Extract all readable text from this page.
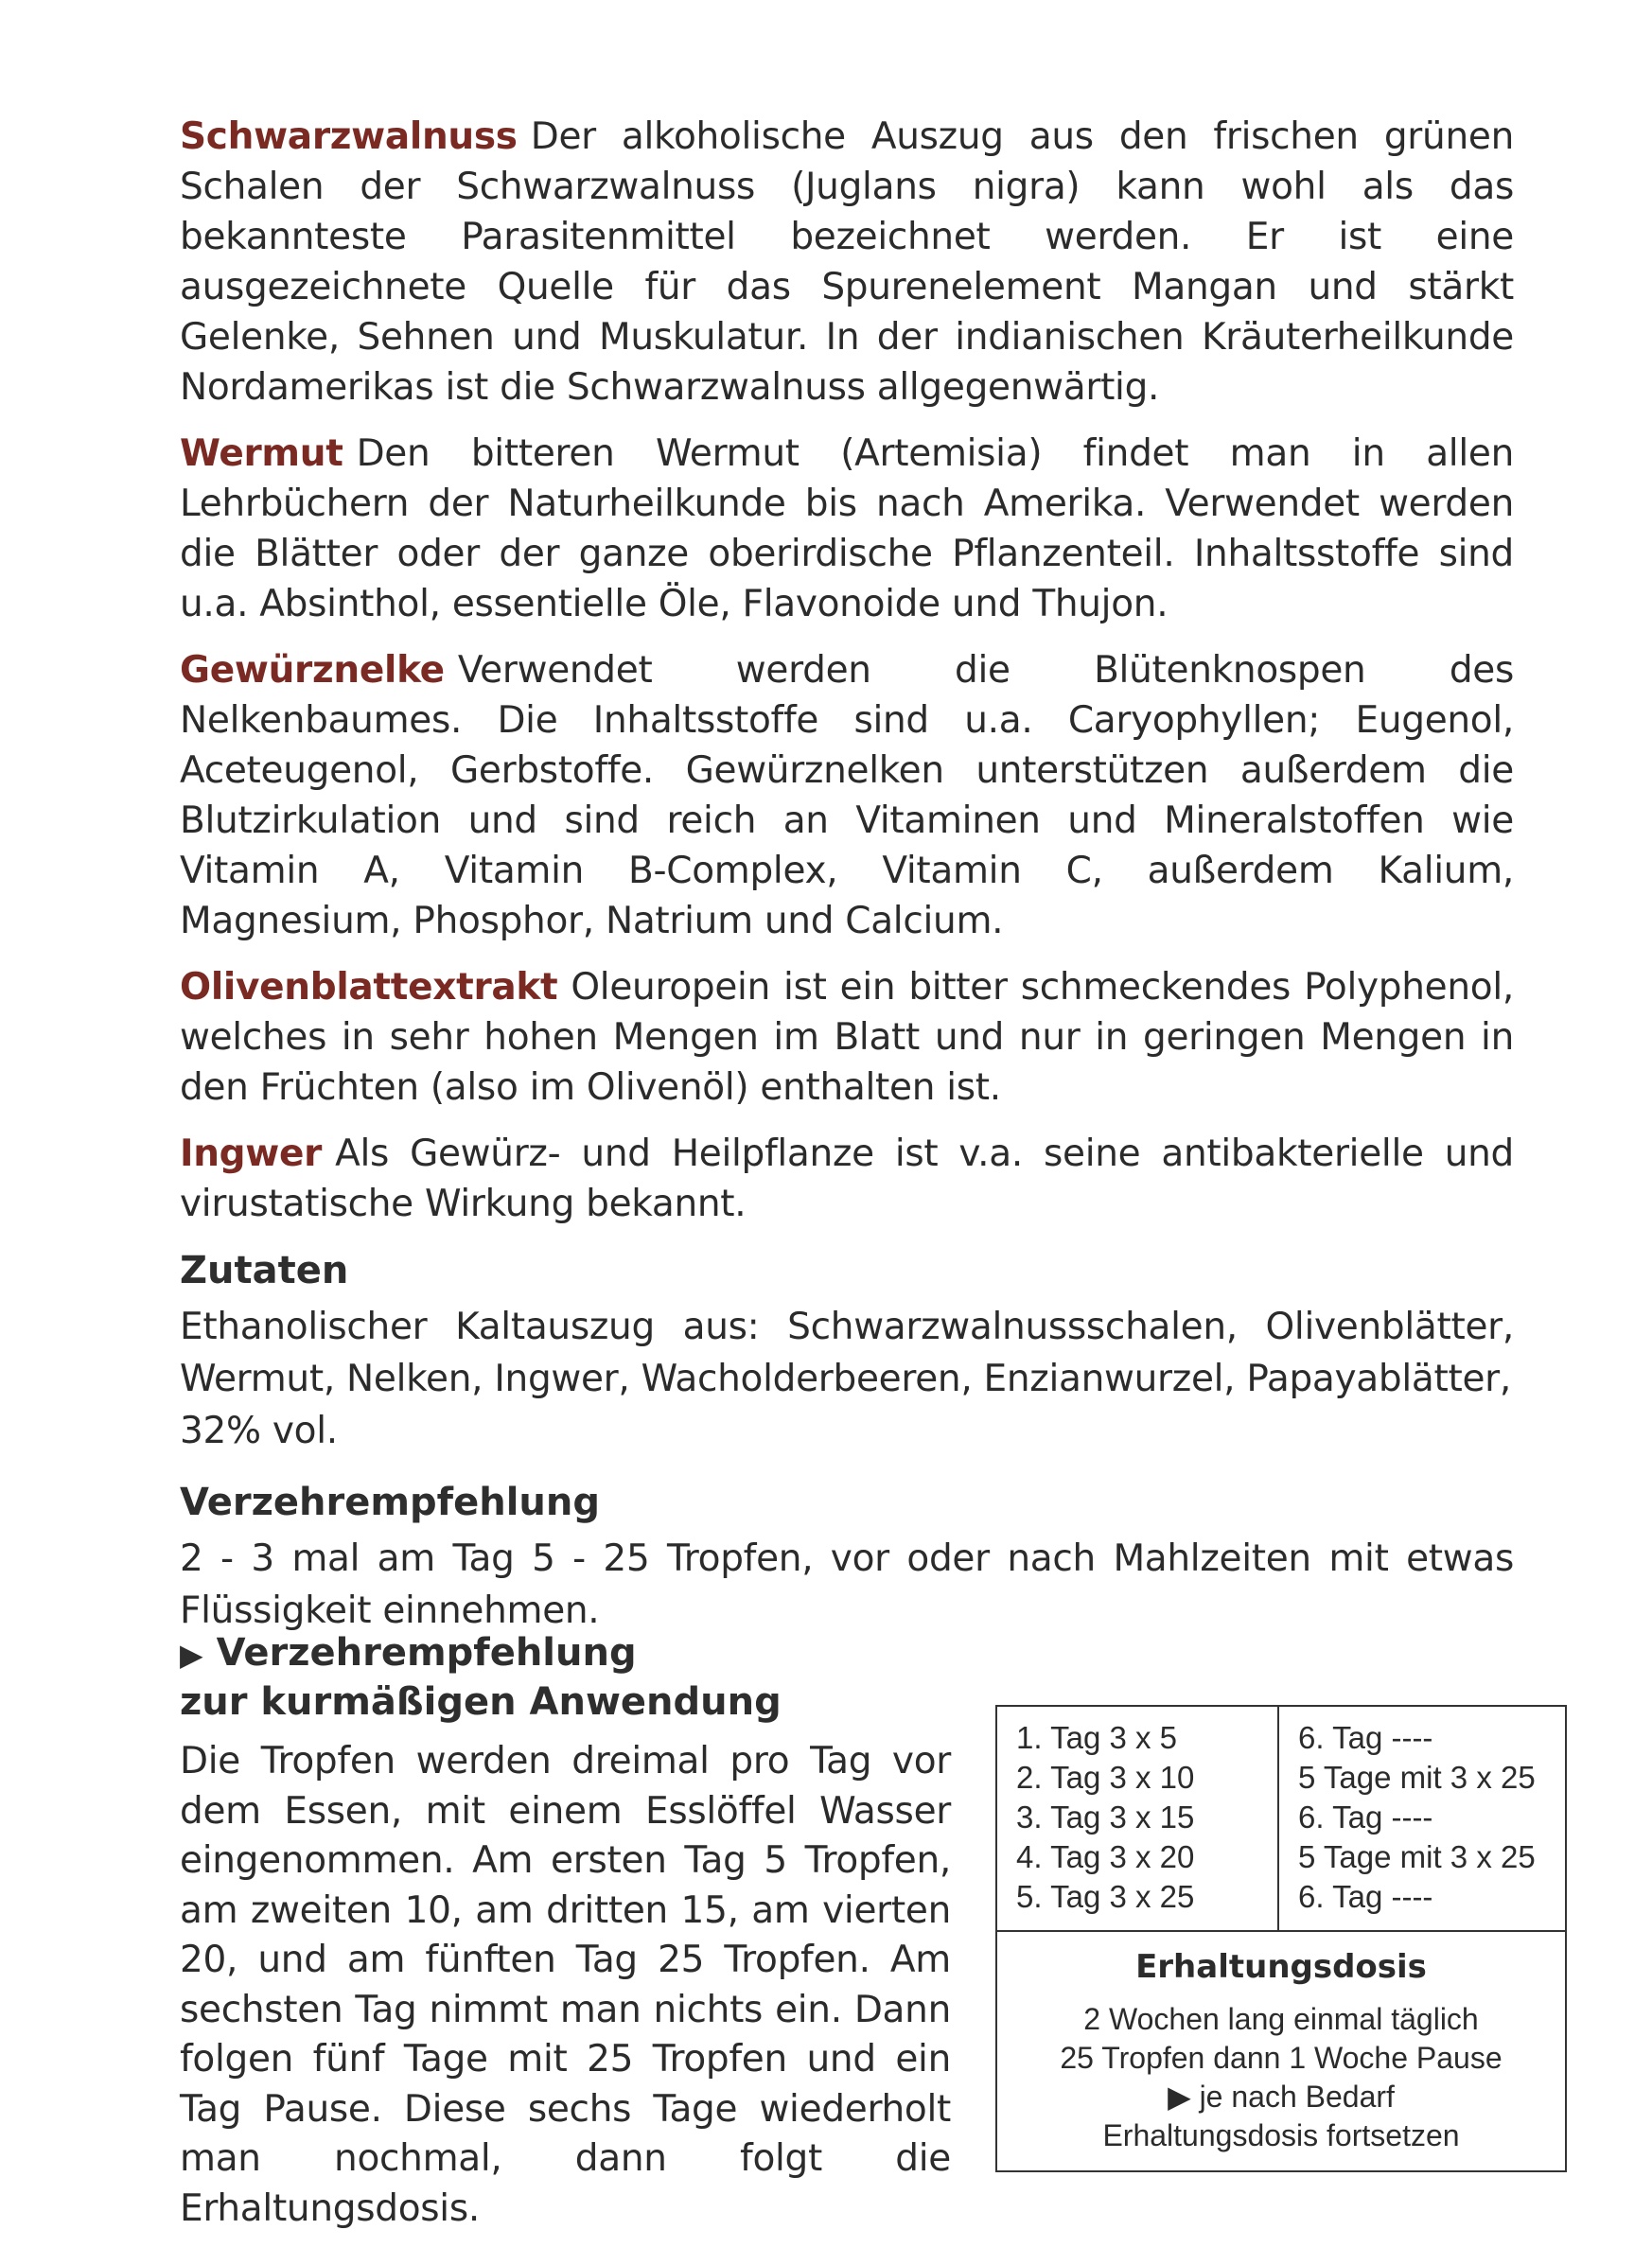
Schwarzwalnuss Der alkoholische Auszug aus den frischen grünen Schalen der Schwarzwalnuss (Juglans nigra) kann wohl als das bekannteste Parasitenmittel bezeichnet werden. Er ist eine ausgezeichnete Quelle für das Spurenelement Mangan und stärkt Gelenke, Sehnen und Muskulatur. In der indianischen Kräuterheilkunde Nordamerikas ist die Schwarzwalnuss allgegenwärtig.

Wermut Den bitteren Wermut (Artemisia) findet man in allen Lehrbüchern der Naturheilkunde bis nach Amerika. Verwendet werden die Blätter oder der ganze oberirdische Pflanzenteil. Inhaltsstoffe sind u.a. Absinthol, essentielle Öle, Flavonoide und Thujon.

Gewürznelke Verwendet werden die Blütenknospen des Nelkenbaumes. Die Inhaltsstoffe sind u.a. Caryophyllen; Eugenol, Aceteugenol, Gerbstoffe. Gewürznelken unterstützen außerdem die Blutzirkulation und sind reich an Vitaminen und Mineralstoffen wie Vitamin A, Vitamin B-Complex, Vitamin C, außerdem Kalium, Magnesium, Phosphor, Natrium und Calcium.

Olivenblattextrakt Oleuropein ist ein bitter schmeckendes Polyphenol, welches in sehr hohen Mengen im Blatt und nur in geringen Mengen in den Früchten (also im Olivenöl) enthalten ist.

Ingwer Als Gewürz- und Heilpflanze ist v.a. seine antibakterielle und virustatische Wirkung bekannt.

Zutaten
Ethanolischer Kaltauszug aus: Schwarzwalnussschalen, Olivenblätter, Wermut, Nelken, Ingwer, Wacholderbeeren, Enzianwurzel, Papayablätter,
32% vol.
Verzehrempfehlung
2 - 3 mal am Tag 5 - 25 Tropfen, vor oder nach Mahlzeiten mit etwas Flüssigkeit einnehmen.
▶ Verzehrempfehlung
zur kurmäßigen Anwendung
Die Tropfen werden dreimal pro Tag vor dem Essen, mit einem Esslöffel Wasser eingenommen. Am ersten Tag 5 Tropfen, am zweiten 10, am dritten 15, am vierten 20, und am fünften Tag 25 Tropfen. Am sechsten Tag nimmt man nichts ein. Dann folgen fünf Tage mit 25 Tropfen und ein Tag Pause. Diese sechs Tage wiederholt man nochmal, dann folgt die Erhaltungsdosis.
1. Tag 3 x 5
2. Tag 3 x 10
3. Tag 3 x 15
4. Tag 3 x 20
5. Tag 3 x 25
6. Tag ----
5 Tage mit 3 x 25
6. Tag ----
5 Tage mit 3 x 25
6. Tag ----
Erhaltungsdosis
2 Wochen lang einmal täglich
25 Tropfen dann 1 Woche Pause
▶ je nach Bedarf
Erhaltungsdosis fortsetzen
